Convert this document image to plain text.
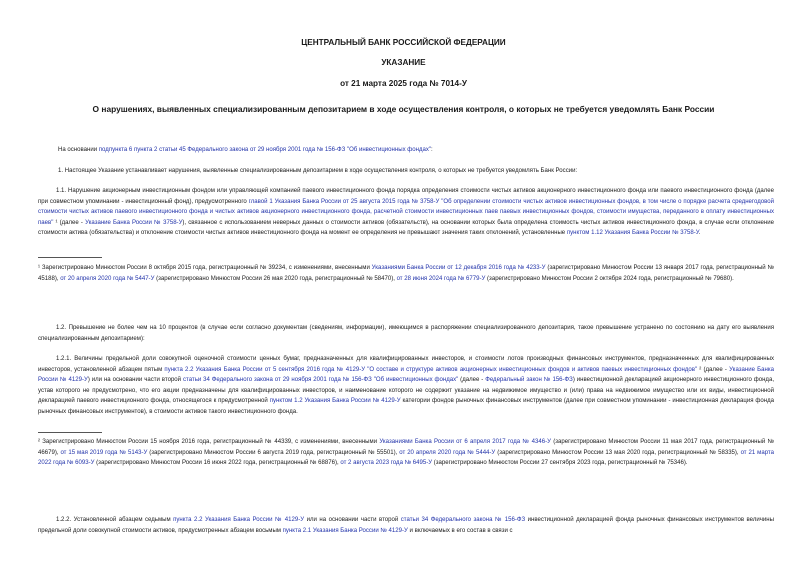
ЦЕНТРАЛЬНЫЙ БАНК РОССИЙСКОЙ ФЕДЕРАЦИИ
УКАЗАНИЕ
от 21 марта 2025 года № 7014-У
О нарушениях, выявленных специализированным депозитарием в ходе осуществления контроля, о которых не требуется уведомлять Банк России
На основании подпункта 6 пункта 2 статьи 45 Федерального закона от 29 ноября 2001 года № 156-ФЗ "Об инвестиционных фондах":
1. Настоящее Указание устанавливает нарушения, выявленные специализированным депозитарием в ходе осуществления контроля, о которых не требуется уведомлять Банк России:
1.1. Нарушение акционерным инвестиционным фондом или управляющей компанией паевого инвестиционного фонда порядка определения стоимости чистых активов акционерного инвестиционного фонда или паевого инвестиционного фонда (далее при совместном упоминании - инвестиционный фонд), предусмотренного главой 1 Указания Банка России от 25 августа 2015 года № 3758-У "Об определении стоимости чистых активов инвестиционных фондов, в том числе о порядке расчета среднегодовой стоимости чистых активов паевого инвестиционного фонда и чистых активов акционерного инвестиционного фонда, расчетной стоимости инвестиционных паев паевых инвестиционных фондов, стоимости имущества, переданного в оплату инвестиционных паев" ¹ (далее - Указание Банка России № 3758-У), связанное с использованием неверных данных о стоимости активов (обязательств), на основании которых была определена стоимость чистых активов инвестиционного фонда, в случае если отклонение стоимости актива (обязательства) и отклонение стоимости чистых активов инвестиционного фонда на момент ее определения не превышают значения таких отклонений, установленные пунктом 1.12 Указания Банка России № 3758-У.
¹ Зарегистрировано Минюстом России 8 октября 2015 года, регистрационный № 39234, с изменениями, внесенными Указаниями Банка России от 12 декабря 2016 года № 4233-У (зарегистрировано Минюстом России 13 января 2017 года, регистрационный № 45188), от 20 апреля 2020 года № 5447-У (зарегистрировано Минюстом России 26 мая 2020 года, регистрационный № 58470), от 28 июня 2024 года № 6779-У (зарегистрировано Минюстом России 2 октября 2024 года, регистрационный № 79680).
1.2. Превышение не более чем на 10 процентов (в случае если согласно документам (сведениям, информации), имеющимся в распоряжении специализированного депозитария, такое превышение устранено по состоянию на дату его выявления специализированным депозитарием):
1.2.1. Величины предельной доли совокупной оценочной стоимости ценных бумаг, предназначенных для квалифицированных инвесторов, и стоимости лотов производных финансовых инструментов, предназначенных для квалифицированных инвесторов, установленной абзацем пятым пункта 2.2 Указания Банка России от 5 сентября 2016 года № 4129-У "О составе и структуре активов акционерных инвестиционных фондов и активов паевых инвестиционных фондов" ² (далее - Указание Банка России № 4129-У) или на основании части второй статьи 34 Федерального закона от 29 ноября 2001 года № 156-ФЗ "Об инвестиционных фондах" (далее - Федеральный закон № 156-ФЗ) инвестиционной декларацией акционерного инвестиционного фонда, устав которого не предусмотрено, что его акции предназначены для квалифицированных инвесторов, и наименование которого не содержит указание на недвижимое имущество и (или) права на недвижимое имущество или их виды, инвестиционной декларацией паевого инвестиционного фонда, относящегося к предусмотренной пунктом 1.2 Указания Банка России № 4129-У категории фондов рыночных финансовых инструментов (далее при совместном упоминании - инвестиционная декларация фонда рыночных финансовых инструментов), в стоимости активов такого инвестиционного фонда.
² Зарегистрировано Минюстом России 15 ноября 2016 года, регистрационный № 44339, с изменениями, внесенными Указаниями Банка России от 6 апреля 2017 года № 4346-У (зарегистрировано Минюстом России 11 мая 2017 года, регистрационный № 46679), от 15 мая 2019 года № 5143-У (зарегистрировано Минюстом России 6 августа 2019 года, регистрационный № 55501), от 20 апреля 2020 года № 5444-У (зарегистрировано Минюстом России 13 мая 2020 года, регистрационный № 58335), от 21 марта 2022 года № 6093-У (зарегистрировано Минюстом России 16 июня 2022 года, регистрационный № 68876), от 2 августа 2023 года № 6495-У (зарегистрировано Минюстом России 27 сентября 2023 года, регистрационный № 75346).
1.2.2. Установленной абзацем седьмым пункта 2.2 Указания Банка России № 4129-У или на основании части второй статьи 34 Федерального закона № 156-ФЗ инвестиционной декларацией фонда рыночных финансовых инструментов величины предельной доли совокупной стоимости активов, предусмотренных абзацем восьмым пункта 2.1 Указания Банка России № 4129-У и включаемых в его состав в связи с
